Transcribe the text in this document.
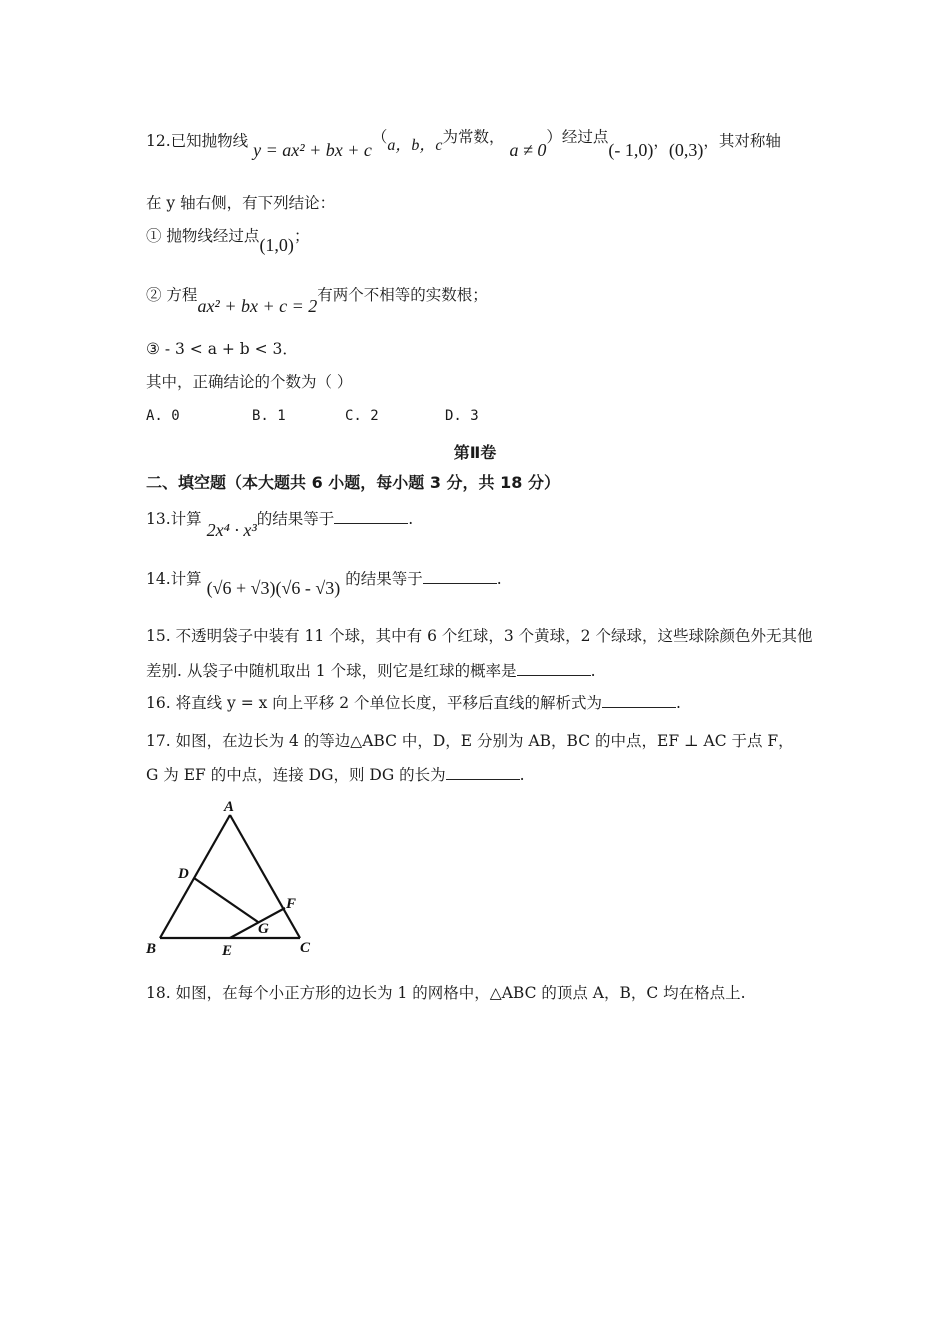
12.已知抛物线 y = ax² + bx + c（a，b，c为常数， a ≠ 0）经过点(- 1,0)，(0,3)，其对称轴
在 y 轴右侧，有下列结论：
① 抛物线经过点(1,0)；
② 方程ax² + bx + c = 2有两个不相等的实数根；
③ - 3 < a + b < 3．
其中，正确结论的个数为（ ）
A. 0	B. 1	C. 2	D. 3
第Ⅱ卷
二、填空题（本大题共 6 小题，每小题 3 分，共 18 分）
13.计算 2x⁴ · x³的结果等于	.
14.计算 (√6 + √3)(√6 - √3) 的结果等于	.
15. 不透明袋子中装有 11 个球，其中有 6 个红球，3 个黄球，2 个绿球，这些球除颜色外无其他
差别. 从袋子中随机取出 1 个球，则它是红球的概率是	.
16. 将直线 y = x 向上平移 2 个单位长度，平移后直线的解析式为	.
17. 如图，在边长为 4 的等边△ABC 中，D，E 分别为 AB，BC 的中点，EF ⊥ AC 于点 F，
G 为 EF 的中点，连接 DG，则 DG 的长为	.
A
B	C
D
E
F
G
18. 如图，在每个小正方形的边长为 1 的网格中，△ABC 的顶点 A，B，C 均在格点上.
